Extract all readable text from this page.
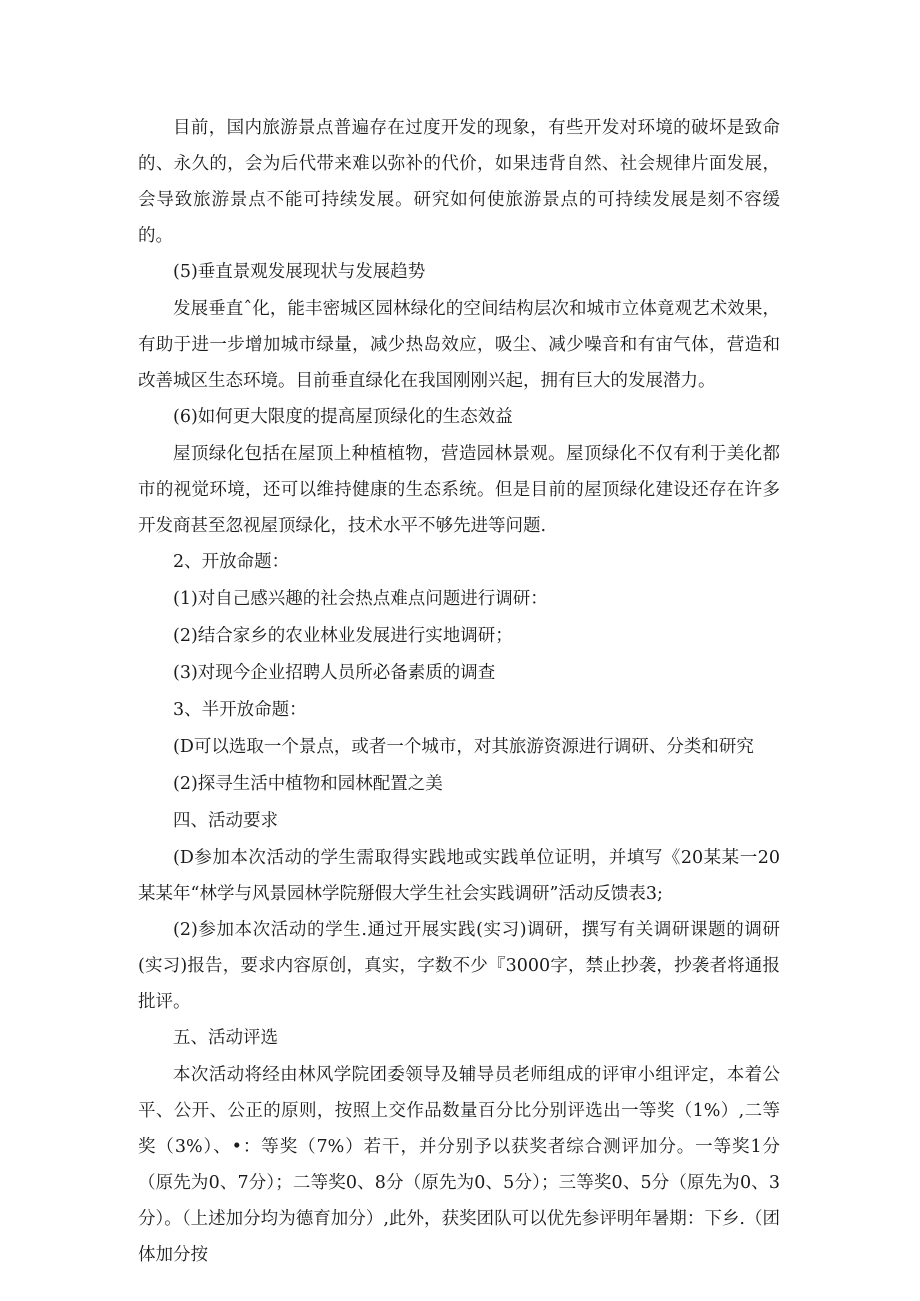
目前，国内旅游景点普遍存在过度开发的现象，有些开发对环境的破坏是致命的、永久的，会为后代带来难以弥补的代价，如果违背自然、社会规律片面发展，会导致旅游景点不能可持续发展。研究如何使旅游景点的可持续发展是刻不容缓的。

(5)垂直景观发展现状与发展趋势

发展垂直ˆ化，能丰密城区园林绿化的空间结构层次和城市立体竟观艺术效果，有助于进一步增加城市绿量，减少热岛效应，吸尘、减少噪音和有宙气体，营造和改善城区生态环境。目前垂直绿化在我国刚刚兴起，拥有巨大的发展潜力。

(6)如何更大限度的提高屋顶绿化的生态效益

屋顶绿化包括在屋顶上种植植物，营造园林景观。屋顶绿化不仅有利于美化都市的视觉环境，还可以维持健康的生态系统。但是目前的屋顶绿化建设还存在许多开发商甚至忽视屋顶绿化，技术水平不够先进等问题.

2、开放命题：

(1)对自己感兴趣的社会热点难点问题进行调研：

(2)结合家乡的农业林业发展进行实地调研；

(3)对现今企业招聘人员所必备素质的调查

3、半开放命题：

(D可以选取一个景点，或者一个城市，对其旅游资源进行调研、分类和研究

(2)探寻生活中植物和园林配置之美

四、活动要求

(D参加本次活动的学生需取得实践地或实践单位证明，并填写《20某某一20某某年“林学与风景园林学院掰假大学生社会实践调研”活动反馈表3;

(2)参加本次活动的学生.通过开展实践(实习)调研，撰写有关调研课题的调研(实习)报告，要求内容原创，真实，字数不少『3000字，禁止抄袭，抄袭者将通报批评。

五、活动评选

本次活动将经由林风学院团委领导及辅导员老师组成的评审小组评定，本着公平、公开、公正的原则，按照上交作品数量百分比分别评选出一等奖（1%）,二等奖（3%）、•：等奖（7%）若干，并分别予以获奖者综合测评加分。一等奖1分（原先为0、7分）；二等奖0、8分（原先为0、5分）；三等奖0、5分（原先为0、3分）。（上述加分均为德育加分）,此外，获奖团队可以优先参评明年暑期：下乡.（团体加分按
